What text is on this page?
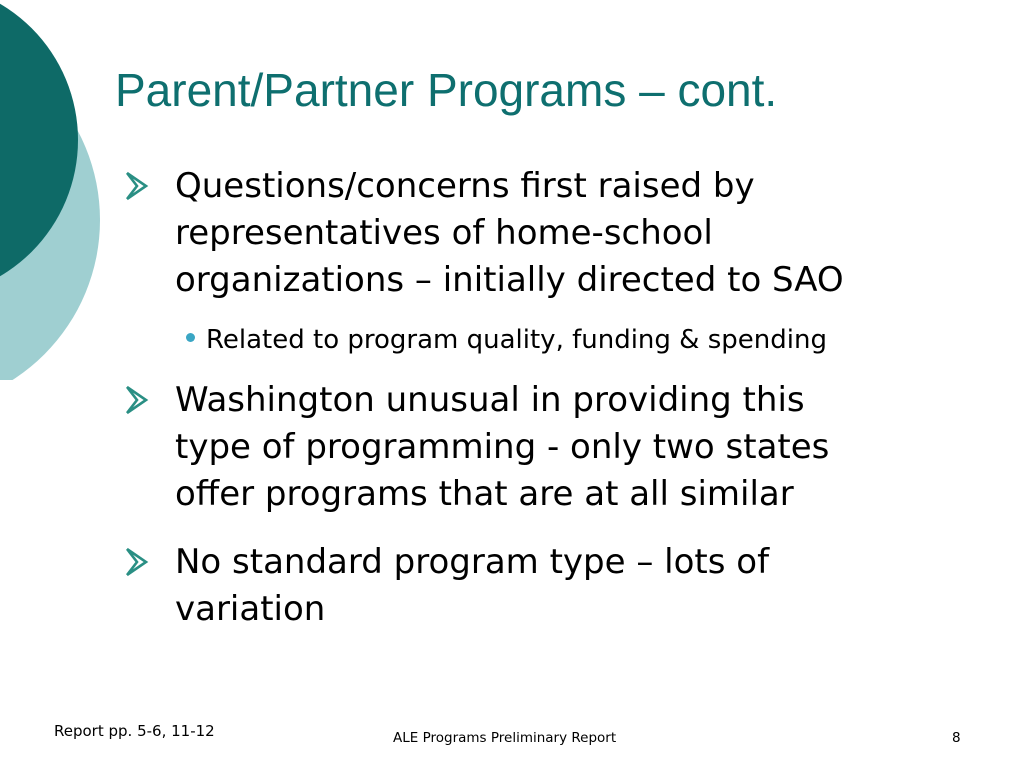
Parent/Partner Programs – cont.
Questions/concerns first raised by
representatives of home-school
organizations – initially directed to SAO
Related to program quality, funding & spending
Washington unusual in providing this
type of programming - only two states
offer programs that are at all similar
No standard program type – lots of
variation
Report pp. 5-6, 11-12	ALE Programs Preliminary Report	8
